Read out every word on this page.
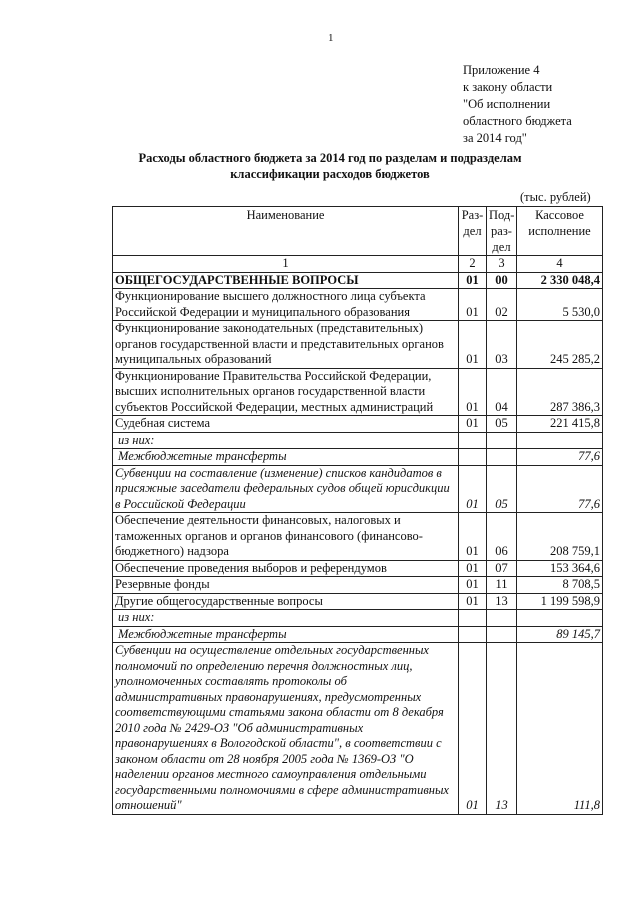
1
Приложение 4
к закону области
"Об исполнении
областного бюджета
за 2014 год"
Расходы областного бюджета за 2014 год по разделам и подразделам классификации расходов бюджетов
(тыс. рублей)
Наименование	Раз-дел	Под-раз-дел	Кассовое исполнение
1	2	3	4
ОБЩЕГОСУДАРСТВЕННЫЕ ВОПРОСЫ	01	00	2 330 048,4
Функционирование высшего должностного лица субъекта Российской Федерации и муниципального образования	01	02	5 530,0
Функционирование законодательных (представительных) органов государственной власти и представительных органов муниципальных образований	01	03	245 285,2
Функционирование Правительства Российской Федерации, высших исполнительных органов государственной власти субъектов Российской Федерации, местных администраций	01	04	287 386,3
Судебная система	01	05	221 415,8
из них:			
Межбюджетные трансферты			77,6
Субвенции на составление (изменение) списков кандидатов в присяжные заседатели федеральных судов общей юрисдикции в Российской Федерации	01	05	77,6
Обеспечение деятельности финансовых, налоговых и таможенных органов и органов финансового (финансово-бюджетного) надзора	01	06	208 759,1
Обеспечение проведения выборов и референдумов	01	07	153 364,6
Резервные фонды	01	11	8 708,5
Другие общегосударственные вопросы	01	13	1 199 598,9
из них:			
Межбюджетные трансферты			89 145,7
Субвенции на осуществление отдельных государственных полномочий по определению перечня должностных лиц, уполномоченных составлять протоколы об административных правонарушениях, предусмотренных соответствующими статьями закона области от 8 декабря 2010 года № 2429-ОЗ "Об административных правонарушениях в Вологодской области", в соответствии с законом области от 28 ноября 2005 года № 1369-ОЗ "О наделении органов местного самоуправления отдельными государственными полномочиями в сфере административных отношений"	01	13	111,8
